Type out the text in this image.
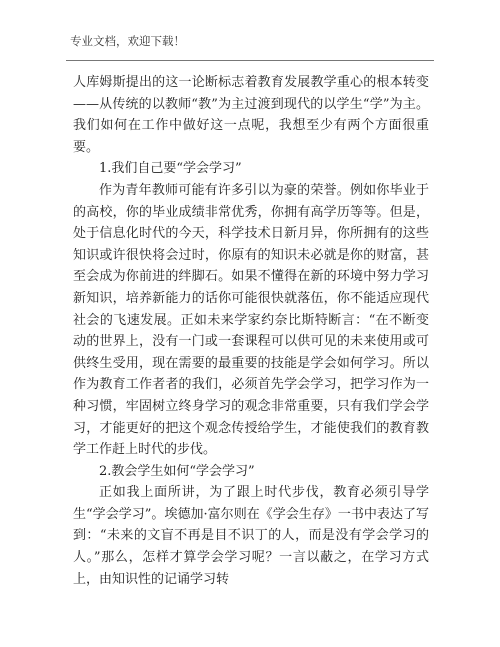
专业文档，欢迎下载！

人库姆斯提出的这一论断标志着教育发展教学重心的根本转变——从传统的以教师“教”为主过渡到现代的以学生“学”为主。我们如何在工作中做好这一点呢，我想至少有两个方面很重要。

1.我们自己要“学会学习”

作为青年教师可能有许多引以为豪的荣誉。例如你毕业于的高校，你的毕业成绩非常优秀，你拥有高学历等等。但是，处于信息化时代的今天，科学技术日新月异，你所拥有的这些知识或许很快将会过时，你原有的知识未必就是你的财富，甚至会成为你前进的绊脚石。如果不懂得在新的环境中努力学习新知识，培养新能力的话你可能很快就落伍，你不能适应现代社会的飞速发展。正如未来学家约奈比斯特断言：“在不断变动的世界上，没有一门或一套课程可以供可见的未来使用或可供终生受用，现在需要的最重要的技能是学会如何学习。所以作为教育工作者者的我们，必须首先学会学习，把学习作为一种习惯，牢固树立终身学习的观念非常重要，只有我们学会学习，才能更好的把这个观念传授给学生，才能使我们的教育教学工作赶上时代的步伐。

2.教会学生如何“学会学习”

正如我上面所讲，为了跟上时代步伐，教育必须引导学生“学会学习”。埃德加·富尔则在《学会生存》一书中表达了写到：“未来的文盲不再是目不识丁的人，而是没有学会学习的人。”那么，怎样才算学会学习呢？一言以蔽之，在学习方式上，由知识性的记诵学习转
